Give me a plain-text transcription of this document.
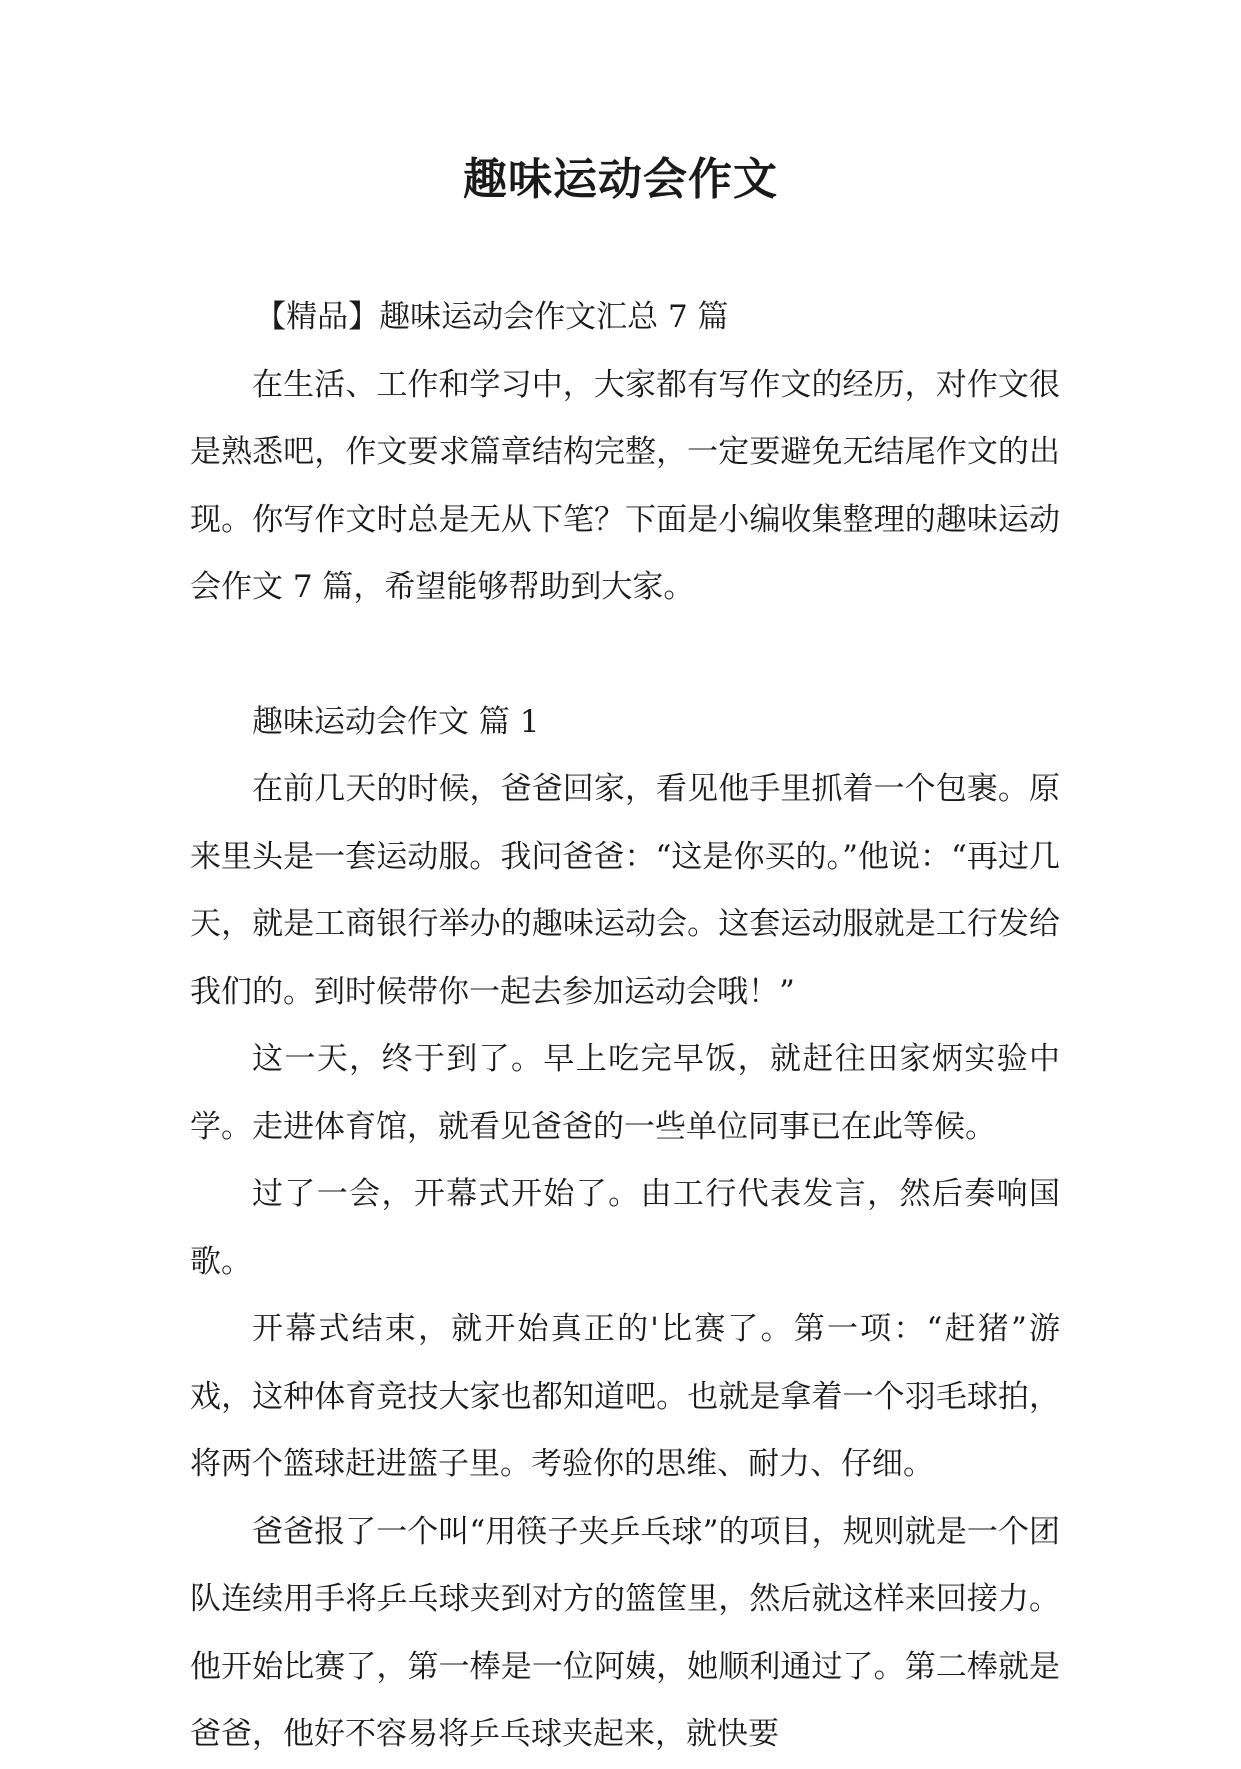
趣味运动会作文

【精品】趣味运动会作文汇总 7 篇

在生活、工作和学习中，大家都有写作文的经历，对作文很是熟悉吧，作文要求篇章结构完整，一定要避免无结尾作文的出现。你写作文时总是无从下笔？下面是小编收集整理的趣味运动会作文 7 篇，希望能够帮助到大家。

趣味运动会作文 篇 1

在前几天的时候，爸爸回家，看见他手里抓着一个包裹。原来里头是一套运动服。我问爸爸：“这是你买的。”他说：“再过几天，就是工商银行举办的趣味运动会。这套运动服就是工行发给我们的。到时候带你一起去参加运动会哦！”

这一天，终于到了。早上吃完早饭，就赶往田家炳实验中学。走进体育馆，就看见爸爸的一些单位同事已在此等候。

过了一会，开幕式开始了。由工行代表发言，然后奏响国歌。

开幕式结束，就开始真正的'比赛了。第一项：“赶猪”游戏，这种体育竞技大家也都知道吧。也就是拿着一个羽毛球拍，将两个篮球赶进篮子里。考验你的思维、耐力、仔细。

爸爸报了一个叫“用筷子夹乒乓球”的项目，规则就是一个团队连续用手将乒乓球夹到对方的篮筐里，然后就这样来回接力。他开始比赛了，第一棒是一位阿姨，她顺利通过了。第二棒就是爸爸，他好不容易将乒乓球夹起来，就快要
